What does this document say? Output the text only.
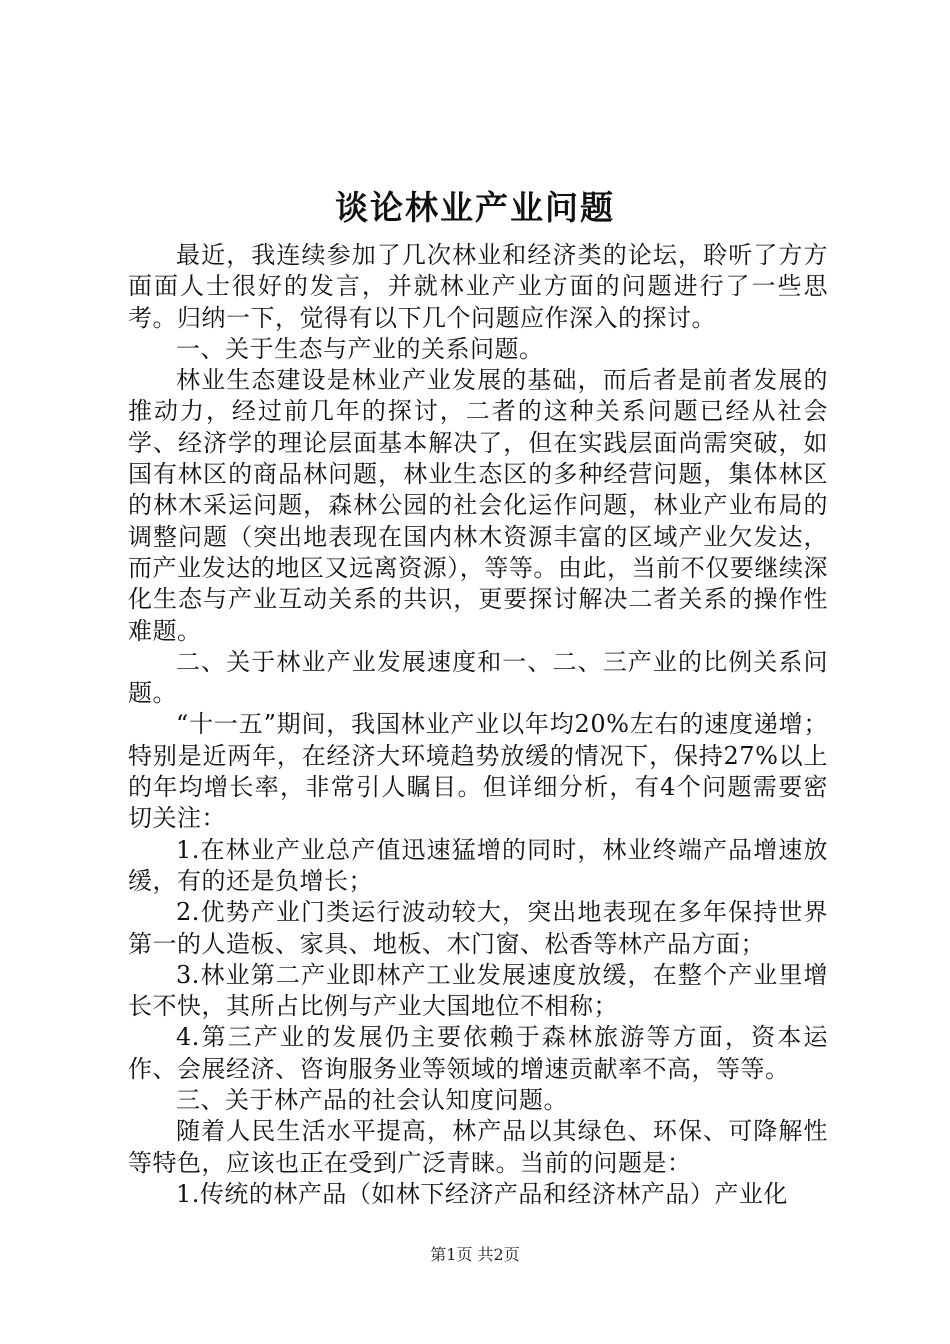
谈论林业产业问题

最近，我连续参加了几次林业和经济类的论坛，聆听了方方面面人士很好的发言，并就林业产业方面的问题进行了一些思考。归纳一下，觉得有以下几个问题应作深入的探讨。

一、关于生态与产业的关系问题。

林业生态建设是林业产业发展的基础，而后者是前者发展的推动力，经过前几年的探讨，二者的这种关系问题已经从社会学、经济学的理论层面基本解决了，但在实践层面尚需突破，如国有林区的商品林问题，林业生态区的多种经营问题，集体林区的林木采运问题，森林公园的社会化运作问题，林业产业布局的调整问题（突出地表现在国内林木资源丰富的区域产业欠发达，而产业发达的地区又远离资源），等等。由此，当前不仅要继续深化生态与产业互动关系的共识，更要探讨解决二者关系的操作性难题。

二、关于林业产业发展速度和一、二、三产业的比例关系问题。

“十一五”期间，我国林业产业以年均20%左右的速度递增；特别是近两年，在经济大环境趋势放缓的情况下，保持27%以上的年均增长率，非常引人瞩目。但详细分析，有4个问题需要密切关注：

1.在林业产业总产值迅速猛增的同时，林业终端产品增速放缓，有的还是负增长；

2.优势产业门类运行波动较大，突出地表现在多年保持世界第一的人造板、家具、地板、木门窗、松香等林产品方面；

3.林业第二产业即林产工业发展速度放缓，在整个产业里增长不快，其所占比例与产业大国地位不相称；

4.第三产业的发展仍主要依赖于森林旅游等方面，资本运作、会展经济、咨询服务业等领域的增速贡献率不高，等等。

三、关于林产品的社会认知度问题。

随着人民生活水平提高，林产品以其绿色、环保、可降解性等特色，应该也正在受到广泛青睐。当前的问题是：

1.传统的林产品（如林下经济产品和经济林产品）产业化

第1页 共2页
